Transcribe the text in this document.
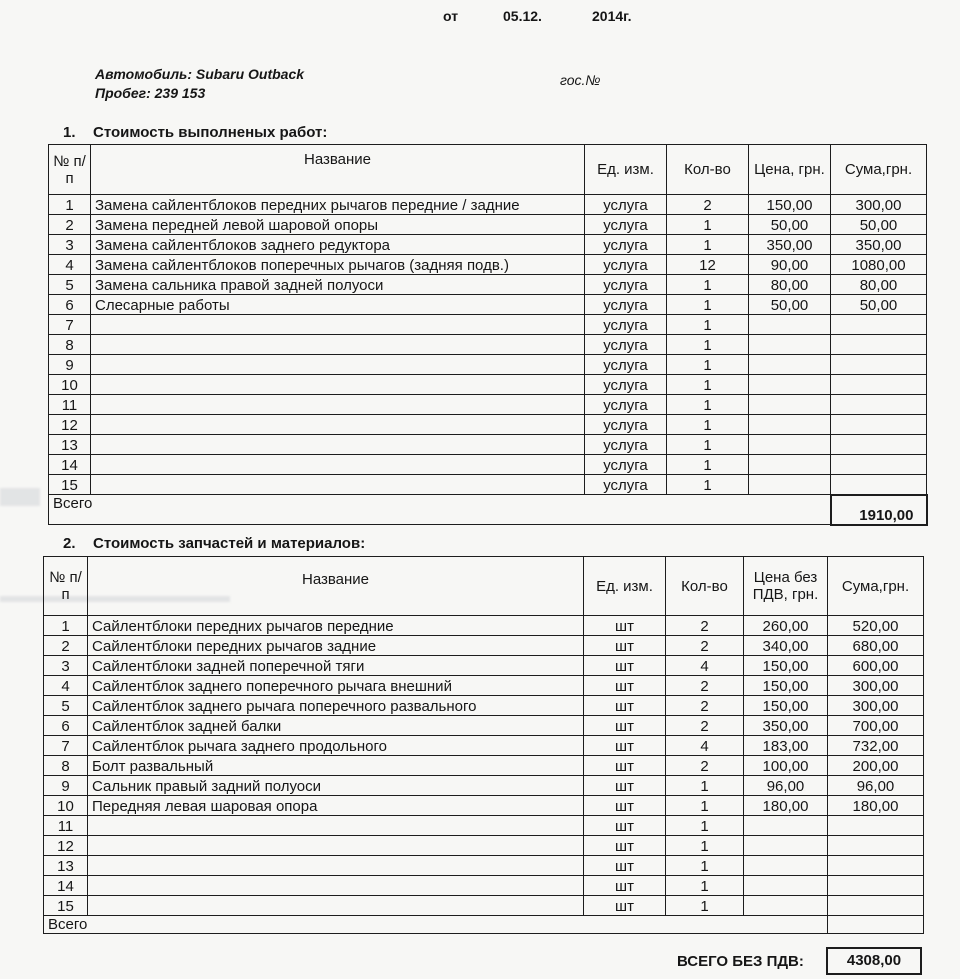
от	05.12.	2014г.
Автомобиль: Subaru Outback
Пробег: 239 153
гос.№
1. Стоимость выполненых работ:
№ п/п	Название	Ед. изм.	Кол-во	Цена, грн.	Сума,грн.
1	Замена сайлентблоков передних рычагов передние / задние	услуга	2	150,00	300,00
2	Замена передней левой шаровой опоры	услуга	1	50,00	50,00
3	Замена сайлентблоков заднего редуктора	услуга	1	350,00	350,00
4	Замена сайлентблоков поперечных рычагов (задняя подв.)	услуга	12	90,00	1080,00
5	Замена сальника правой задней полуоси	услуга	1	80,00	80,00
6	Слесарные работы	услуга	1	50,00	50,00
7		услуга	1		
8		услуга	1		
9		услуга	1		
10		услуга	1		
11		услуга	1		
12		услуга	1		
13		услуга	1		
14		услуга	1		
15		услуга	1		
Всего					1910,00
2. Стоимость запчастей и материалов:
№ п/п	Название	Ед. изм.	Кол-во	Цена без ПДВ, грн.	Сума,грн.
1	Сайлентблоки передних рычагов передние	шт	2	260,00	520,00
2	Сайлентблоки передних рычагов задние	шт	2	340,00	680,00
3	Сайлентблоки задней поперечной тяги	шт	4	150,00	600,00
4	Сайлентблок заднего поперечного рычага внешний	шт	2	150,00	300,00
5	Сайлентблок заднего рычага поперечного развального	шт	2	150,00	300,00
6	Сайлентблок задней балки	шт	2	350,00	700,00
7	Сайлентблок рычага заднего продольного	шт	4	183,00	732,00
8	Болт развальный	шт	2	100,00	200,00
9	Сальник правый задний полуоси	шт	1	96,00	96,00
10	Передняя левая шаровая опора	шт	1	180,00	180,00
11		шт	1		
12		шт	1		
13		шт	1		
14		шт	1		
15		шт	1		
Всего					
ВСЕГО БЕЗ ПДВ:	4308,00
